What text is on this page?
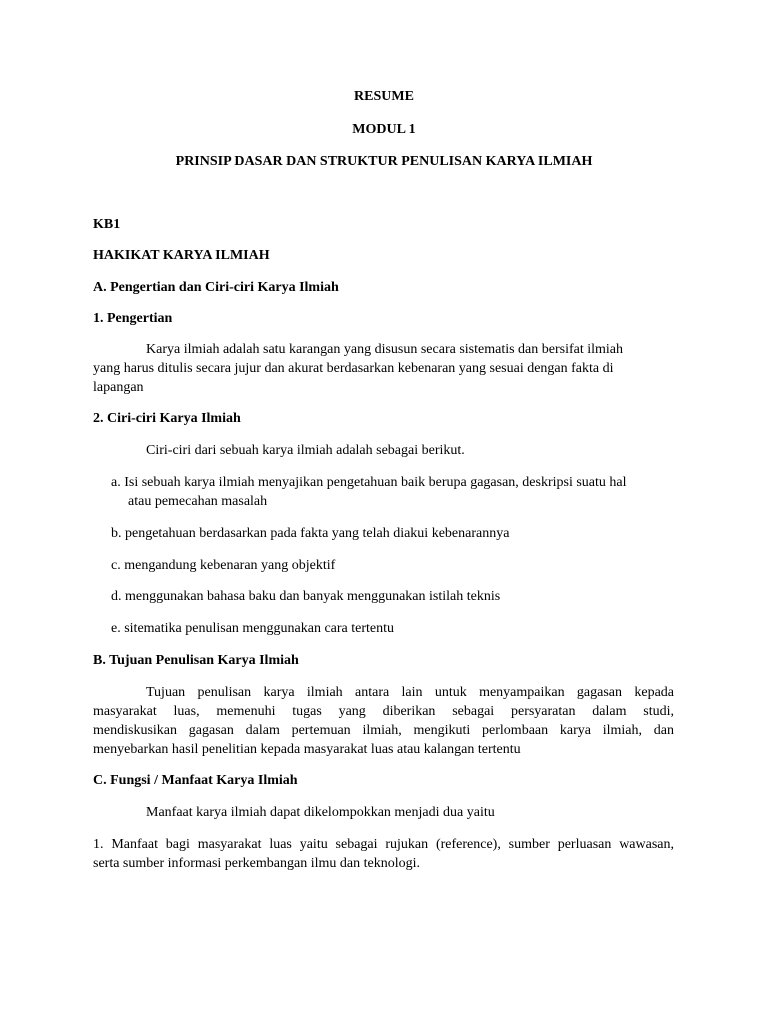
RESUME
MODUL 1
PRINSIP DASAR DAN STRUKTUR PENULISAN KARYA ILMIAH
KB1
HAKIKAT KARYA ILMIAH
A. Pengertian dan Ciri-ciri Karya Ilmiah
1. Pengertian
Karya ilmiah adalah satu karangan yang disusun secara sistematis dan bersifat ilmiah
yang harus ditulis secara jujur dan akurat berdasarkan kebenaran yang sesuai dengan fakta di
lapangan
2. Ciri-ciri Karya Ilmiah
Ciri-ciri dari sebuah karya ilmiah adalah sebagai berikut.
a. Isi sebuah karya ilmiah menyajikan pengetahuan baik berupa gagasan, deskripsi suatu hal
atau pemecahan masalah
b. pengetahuan berdasarkan pada fakta yang telah diakui kebenarannya
c. mengandung kebenaran yang objektif
d. menggunakan bahasa baku dan banyak menggunakan istilah teknis
e. sitematika penulisan menggunakan cara tertentu
B. Tujuan Penulisan Karya Ilmiah
Tujuan penulisan karya ilmiah antara lain untuk menyampaikan gagasan kepada
masyarakat luas, memenuhi tugas yang diberikan sebagai persyaratan dalam studi,
mendiskusikan gagasan dalam pertemuan ilmiah, mengikuti perlombaan karya ilmiah, dan
menyebarkan hasil penelitian kepada masyarakat luas atau kalangan tertentu
C. Fungsi / Manfaat Karya Ilmiah
Manfaat karya ilmiah dapat dikelompokkan menjadi dua yaitu
1. Manfaat bagi masyarakat luas yaitu sebagai rujukan (reference), sumber perluasan wawasan,
serta sumber informasi perkembangan ilmu dan teknologi.
